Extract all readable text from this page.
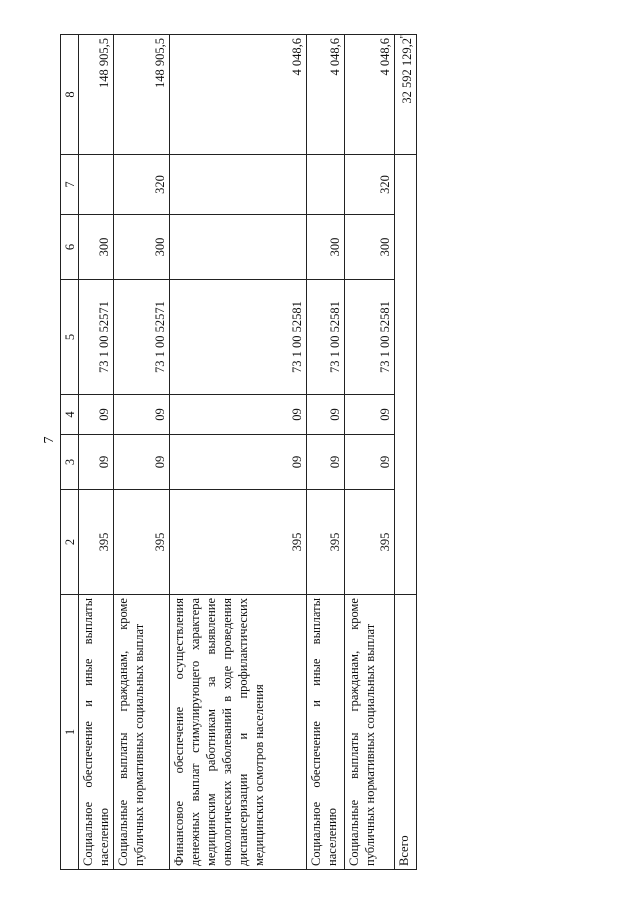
7
"
1	2	3	4	5	6	7	8
Социальное обеспечение и иные выплаты населению	395	09	09	73 1 00 52571	300		148 905,5
Социальные выплаты гражданам, кроме публичных нормативных социальных выплат	395	09	09	73 1 00 52571	300	320	148 905,5
Финансовое обеспечение осуществления денежных выплат стимулирующего характера медицинским работникам за выявление онкологических заболеваний в ходе проведения диспансеризации и профилактических медицинских осмотров населения	395	09	09	73 1 00 52581			4 048,6
Социальное обеспечение и иные выплаты населению	395	09	09	73 1 00 52581	300		4 048,6
Социальные выплаты гражданам, кроме публичных нормативных социальных выплат	395	09	09	73 1 00 52581	300	320	4 048,6
Всего							32 592 129,2
